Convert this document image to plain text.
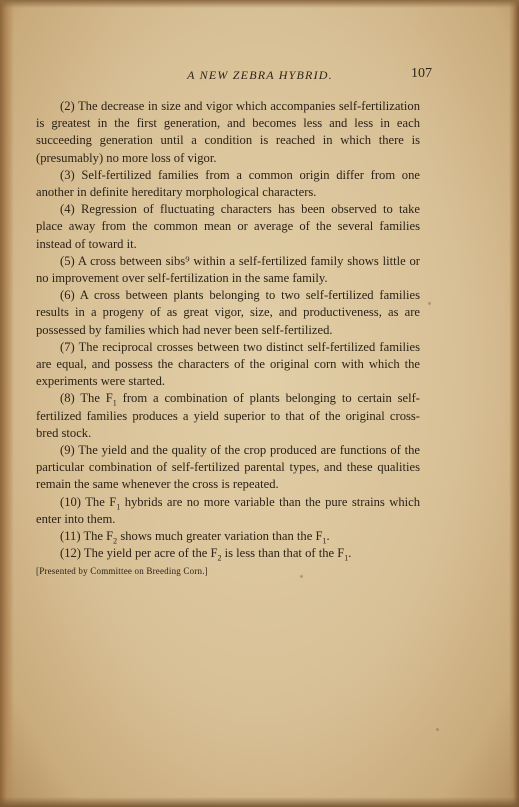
A NEW ZEBRA HYBRID.	107

(2) The decrease in size and vigor which accompanies self-fertilization is greatest in the first generation, and becomes less and less in each succeeding generation until a condition is reached in which there is (presumably) no more loss of vigor.

(3) Self-fertilized families from a common origin differ from one another in definite hereditary morphological characters.

(4) Regression of fluctuating characters has been observed to take place away from the common mean or average of the several families instead of toward it.

(5) A cross between sibs⁹ within a self-fertilized family shows little or no improvement over self-fertilization in the same family.

(6) A cross between plants belonging to two self-fertilized families results in a progeny of as great vigor, size, and productiveness, as are possessed by families which had never been self-fertilized.

(7) The reciprocal crosses between two distinct self-fertilized families are equal, and possess the characters of the original corn with which the experiments were started.

(8) The $F_1$ from a combination of plants belonging to certain self-fertilized families produces a yield superior to that of the original cross-bred stock.

(9) The yield and the quality of the crop produced are functions of the particular combination of self-fertilized parental types, and these qualities remain the same whenever the cross is repeated.

(10) The $F_1$ hybrids are no more variable than the pure strains which enter into them.

(11) The $F_2$ shows much greater variation than the $F_1$.

(12) The yield per acre of the $F_2$ is less than that of the $F_1$.

[Presented by Committee on Breeding Corn.]
